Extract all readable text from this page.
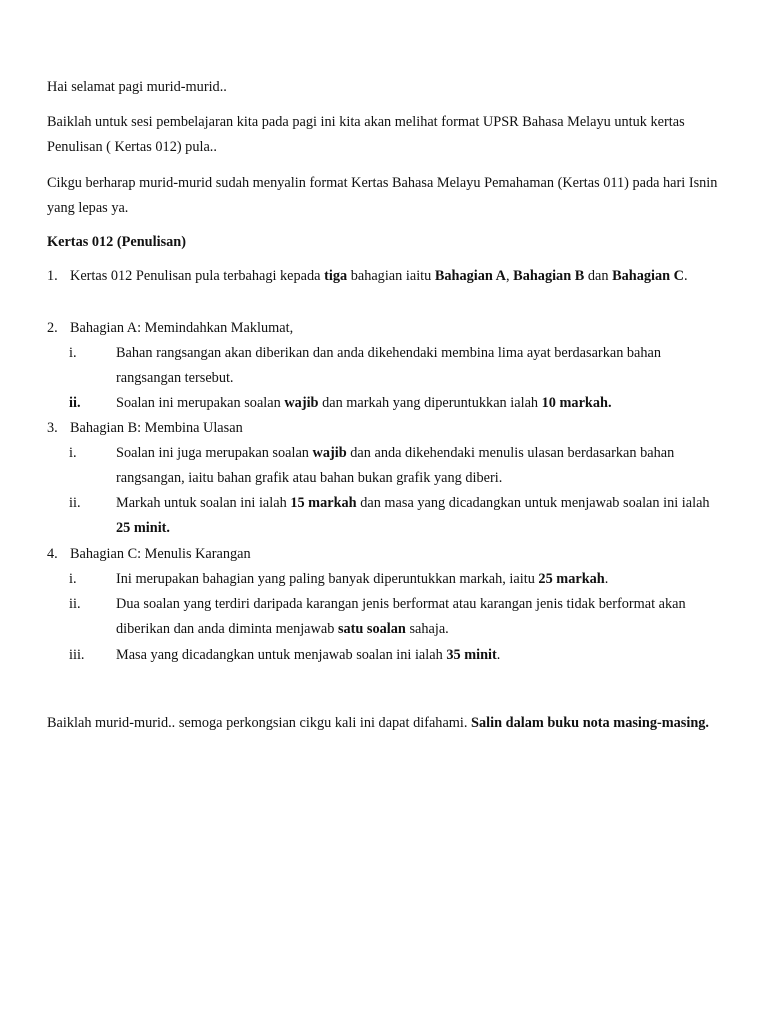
Hai selamat pagi murid-murid..

Baiklah untuk sesi pembelajaran kita pada pagi ini kita akan melihat format UPSR Bahasa Melayu untuk kertas Penulisan ( Kertas 012) pula..

Cikgu berharap murid-murid sudah menyalin format Kertas Bahasa Melayu Pemahaman (Kertas 011) pada hari Isnin yang lepas ya.

Kertas 012 (Penulisan)

1. Kertas 012 Penulisan pula terbahagi kepada tiga bahagian iaitu Bahagian A, Bahagian B dan Bahagian C.
2. Bahagian A: Memindahkan Maklumat,
i.	Bahan rangsangan akan diberikan dan anda dikehendaki membina lima ayat berdasarkan bahan rangsangan tersebut.
ii. Soalan ini merupakan soalan wajib dan markah yang diperuntukkan ialah 10 markah.
3. Bahagian B: Membina Ulasan
i.	Soalan ini juga merupakan soalan wajib dan anda dikehendaki menulis ulasan berdasarkan bahan rangsangan, iaitu bahan grafik atau bahan bukan grafik yang diberi.
ii. Markah untuk soalan ini ialah 15 markah dan masa yang dicadangkan untuk menjawab soalan ini ialah 25 minit.
4. Bahagian C: Menulis Karangan
i.	Ini merupakan bahagian yang paling banyak diperuntukkan markah, iaitu 25 markah.
ii. Dua soalan yang terdiri daripada karangan jenis berformat atau karangan jenis tidak berformat akan diberikan dan anda diminta menjawab satu soalan sahaja.
iii. Masa yang dicadangkan untuk menjawab soalan ini ialah 35 minit.

Baiklah murid-murid.. semoga perkongsian cikgu kali ini dapat difahami. Salin dalam buku nota masing-masing.
